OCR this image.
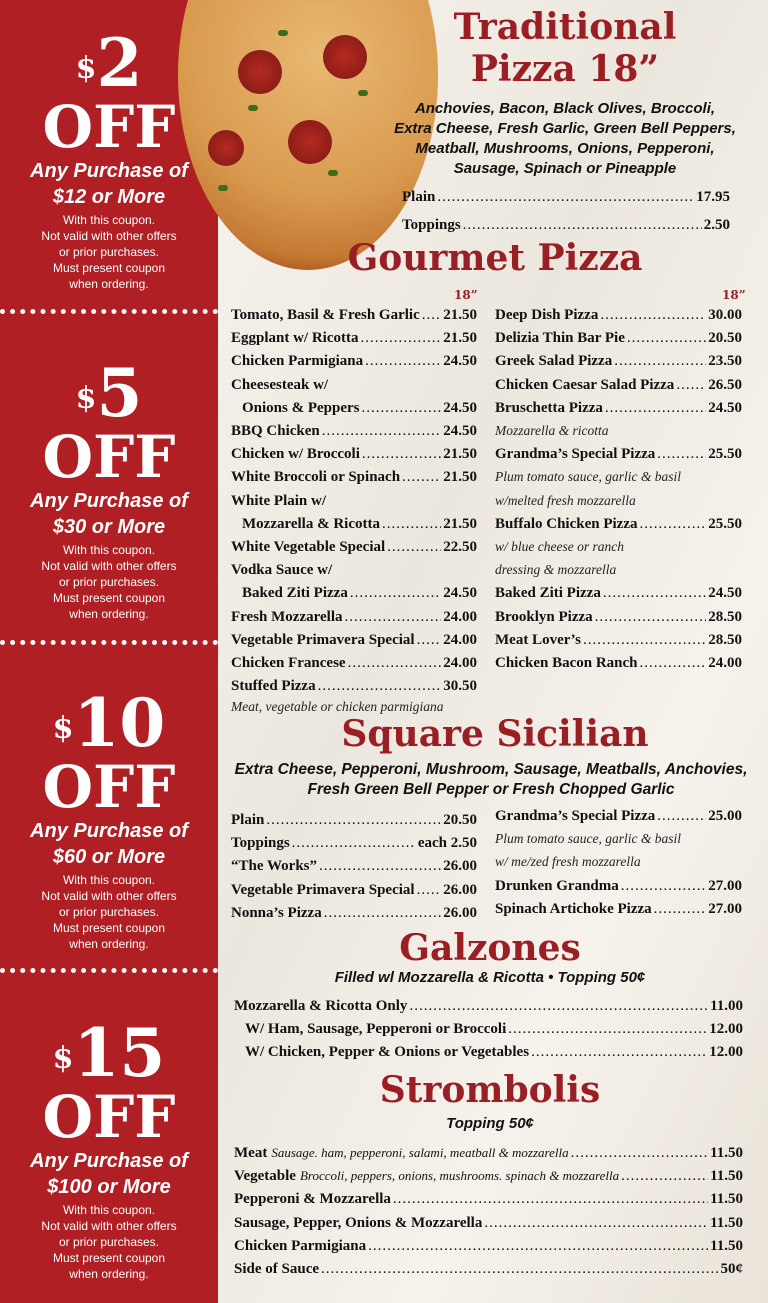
$2
OFF
Any Purchase of
$12 or More
With this coupon.
Not valid with other offers
or prior purchases.
Must present coupon
when ordering.
$5
OFF
Any Purchase of
$30 or More
With this coupon.
Not valid with other offers
or prior purchases.
Must present coupon
when ordering.
$10
OFF
Any Purchase of
$60 or More
With this coupon.
Not valid with other offers
or prior purchases.
Must present coupon
when ordering.
$15
OFF
Any Purchase of
$100 or More
With this coupon.
Not valid with other offers
or prior purchases.
Must present coupon
when ordering.
Traditional
Pizza 18”
Anchovies, Bacon, Black Olives, Broccoli,
Extra Cheese, Fresh Garlic, Green Bell Peppers,
Meatball, Mushrooms, Onions, Pepperoni,
Sausage, Spinach or Pineapple
Plain .....	17.95
Toppings .....	2.50
Gourmet Pizza
18”	18”
Tomato, Basil & Fresh Garlic ..... 21.50
Eggplant w/ Ricotta .....	21.50
Chicken Parmigiana .....	24.50
Cheesesteak w/
Onions & Peppers .....	24.50
BBQ Chicken .....	24.50
Chicken w/ Broccoli .....	21.50
White Broccoli or Spinach .....	21.50
White Plain w/
Mozzarella & Ricotta .....	21.50
White Vegetable Special .....	22.50
Vodka Sauce w/
Baked Ziti Pizza .....	24.50
Fresh Mozzarella .....	24.00
Vegetable Primavera Special ..... 24.00
Chicken Francese .....	24.00
Stuffed Pizza .....	30.50
Meat, vegetable or chicken parmigiana
Deep Dish Pizza .....	30.00
Delizia Thin Bar Pie .....	20.50
Greek Salad Pizza .....	23.50
Chicken Caesar Salad Pizza ..... 26.50
Bruschetta Pizza .....	24.50
Mozzarella & ricotta
Grandma’s Special Pizza .....	25.50
Plum tomato sauce, garlic & basil
w/melted fresh mozzarella
Buffalo Chicken Pizza .....	25.50
w/ blue cheese or ranch
dressing & mozzarella
Baked Ziti Pizza .....	24.50
Brooklyn Pizza .....	28.50
Meat Lover’s .....	28.50
Chicken Bacon Ranch .....	24.00
Square Sicilian
Extra Cheese, Pepperoni, Mushroom, Sausage, Meatballs, Anchovies,
Fresh Green Bell Pepper or Fresh Chopped Garlic
Plain .....	20.50
Toppings .....	each 2.50
“The Works” .....	26.00
Vegetable Primavera Special ..... 26.00
Nonna’s Pizza .....	26.00
Grandma’s Special Pizza .....	25.00
Plum tomato sauce, garlic & basil
w/ me/zed fresh mozzarella
Drunken Grandma .....	27.00
Spinach Artichoke Pizza .....	27.00
Galzones
Filled wl Mozzarella & Ricotta • Topping 50¢
Mozzarella & Ricotta Only .....	11.00
W/ Ham, Sausage, Pepperoni or Broccoli .....	12.00
W/ Chicken, Pepper & Onions or Vegetables .....	12.00
Strombolis
Topping 50¢
Meat Sausage. ham, pepperoni, salami, meatball & mozzarella .....	11.50
Vegetable Broccoli, peppers, onions, mushrooms. spinach & mozzarella .....	11.50
Pepperoni & Mozzarella .....	11.50
Sausage, Pepper, Onions & Mozzarella .....	11.50
Chicken Parmigiana .....	11.50
Side of Sauce .....	50¢
